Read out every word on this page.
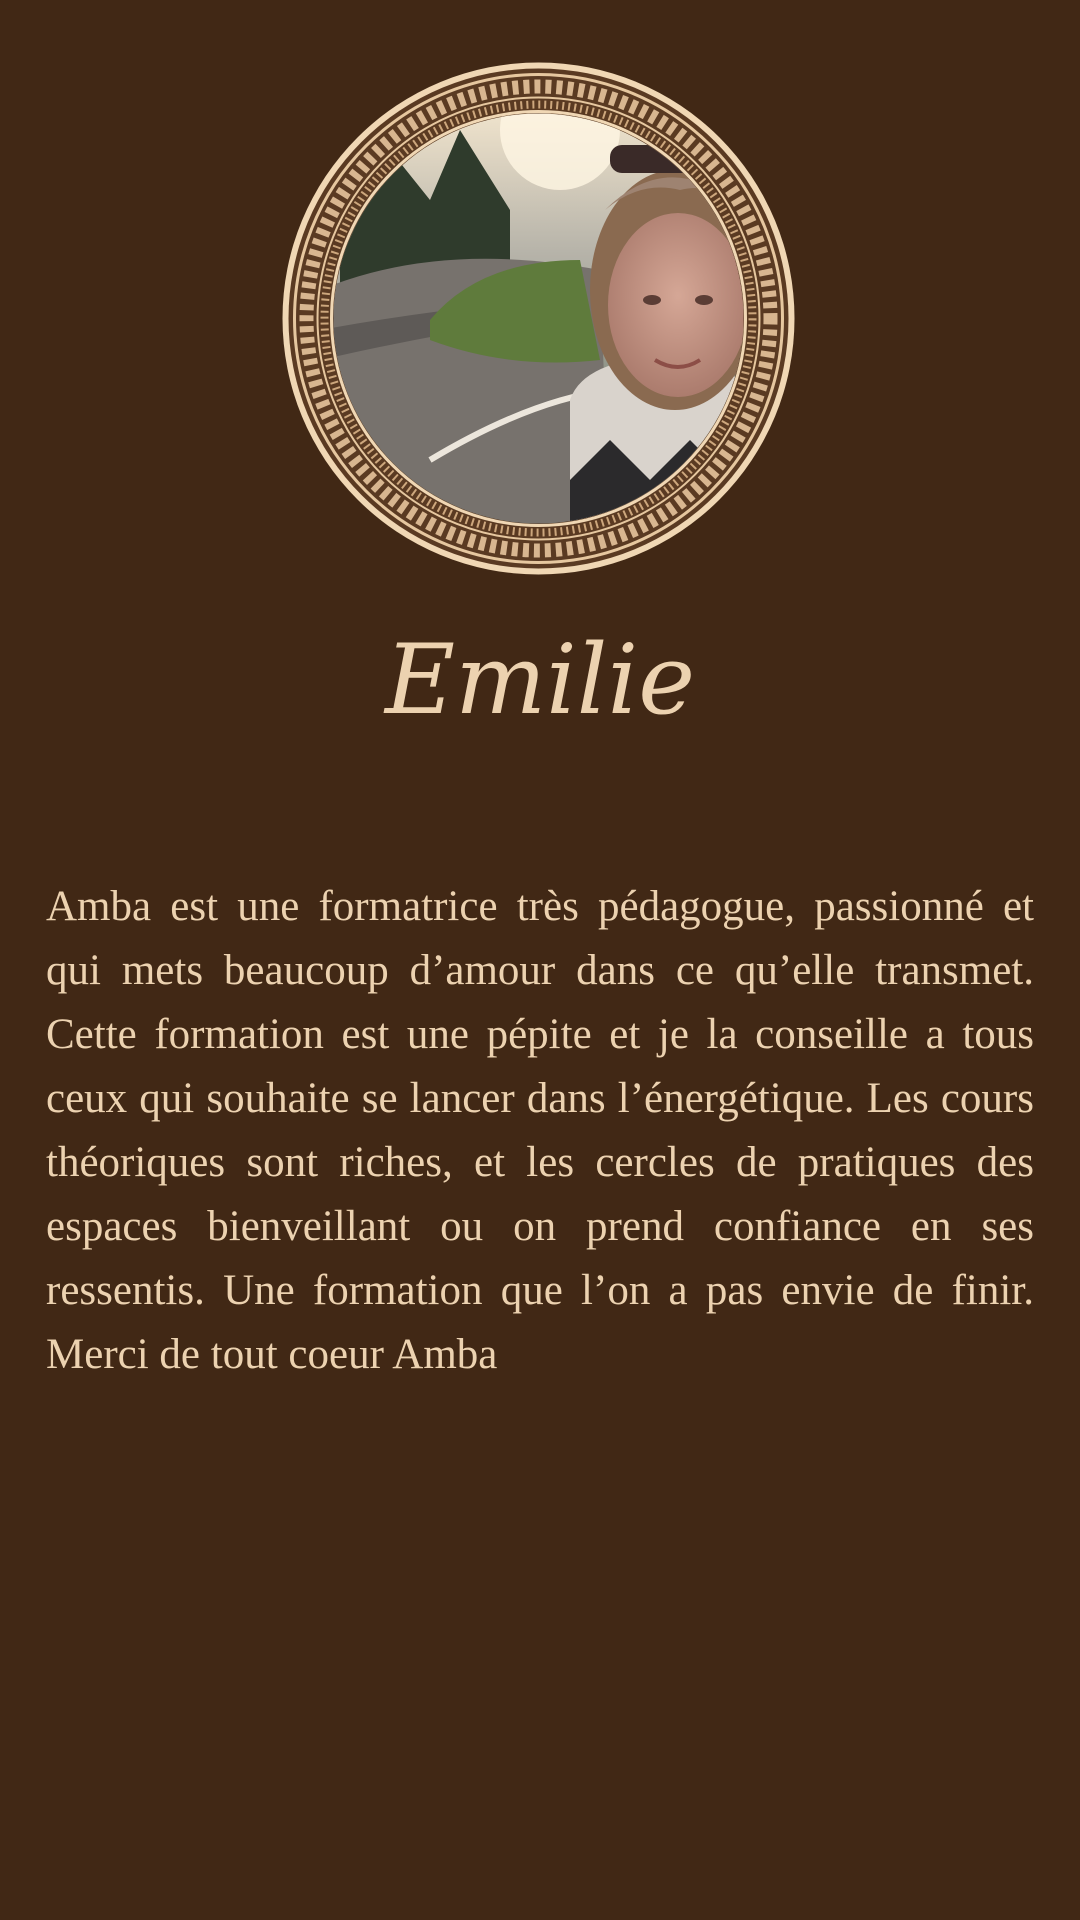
Emilie

Amba est une formatrice très pédagogue, passionné et qui mets beaucoup d’amour dans ce qu’elle transmet. Cette formation est une pépite et je la conseille a tous ceux qui souhaite se lancer dans l’énergétique. Les cours théoriques sont riches, et les cercles de pratiques des espaces bienveillant ou on prend confiance en ses ressentis. Une formation que l’on a pas envie de finir. Merci de tout coeur Amba
